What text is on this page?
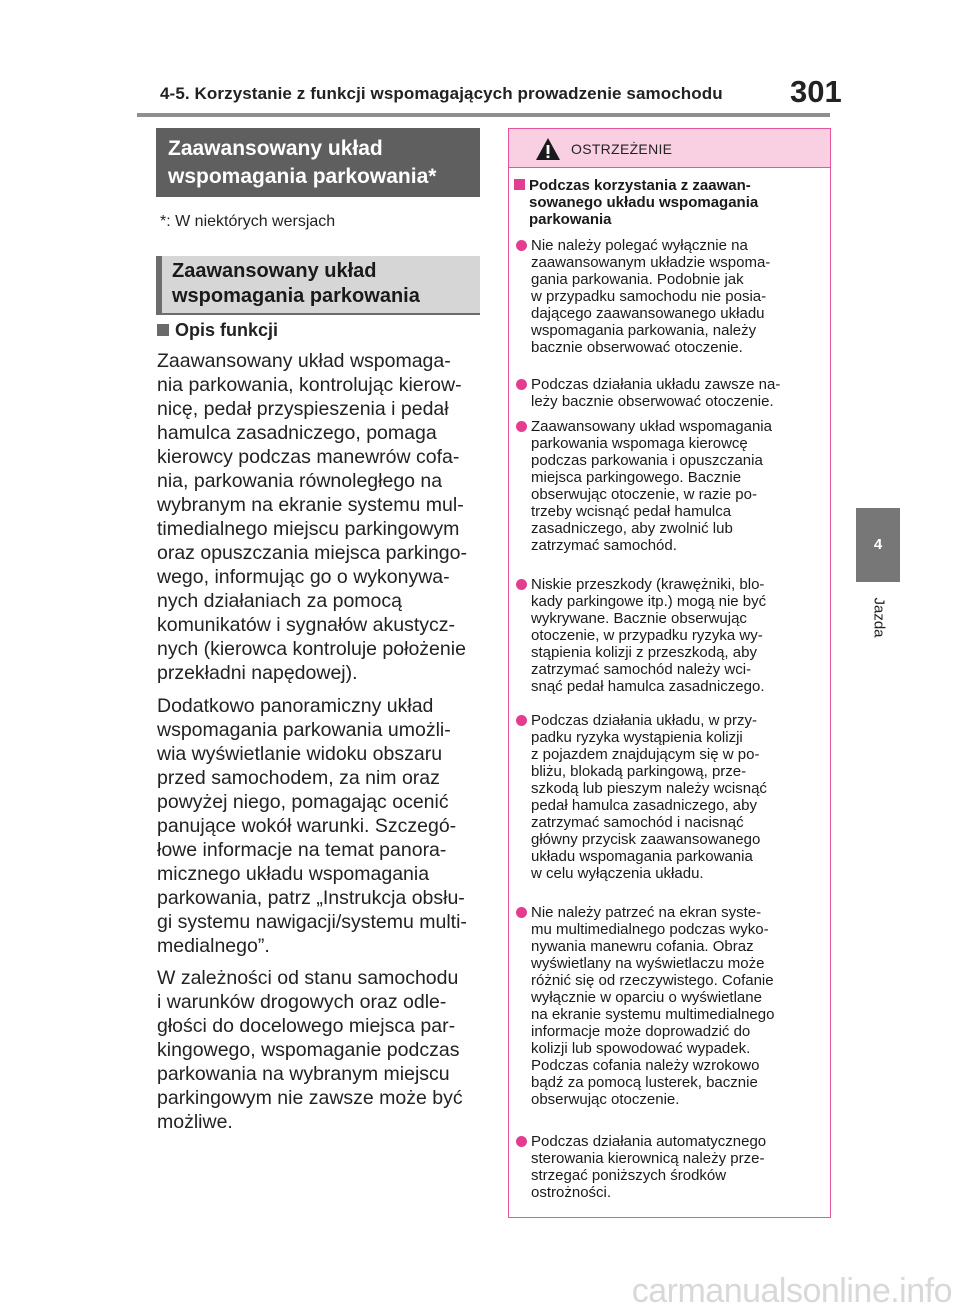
4-5. Korzystanie z funkcji wspomagających prowadzenie samochodu 301
4
Jazda
Zaawansowany układ
wspomagania parkowania*
*: W niektórych wersjach
Zaawansowany układ
wspomagania parkowania
Opis funkcji
Zaawansowany układ wspomaga-
nia parkowania, kontrolując kierow-
nicę, pedał przyspieszenia i pedał
hamulca zasadniczego, pomaga
kierowcy podczas manewrów cofa-
nia, parkowania równoległego na
wybranym na ekranie systemu mul-
timedialnego miejscu parkingowym
oraz opuszczania miejsca parkingo-
wego, informując go o wykonywa-
nych działaniach za pomocą
komunikatów i sygnałów akustycz-
nych (kierowca kontroluje położenie
przekładni napędowej).
Dodatkowo panoramiczny układ
wspomagania parkowania umożli-
wia wyświetlanie widoku obszaru
przed samochodem, za nim oraz
powyżej niego, pomagając ocenić
panujące wokół warunki. Szczegó-
łowe informacje na temat panora-
micznego układu wspomagania
parkowania, patrz „Instrukcja obsłu-
gi systemu nawigacji/systemu multi-
medialnego”.
W zależności od stanu samochodu
i warunków drogowych oraz odle-
głości do docelowego miejsca par-
kingowego, wspomaganie podczas
parkowania na wybranym miejscu
parkingowym nie zawsze może być
możliwe.
OSTRZEŻENIE
Podczas korzystania z zaawan-
sowanego układu wspomagania
parkowania
Nie należy polegać wyłącznie na
zaawansowanym układzie wspoma-
gania parkowania. Podobnie jak
w przypadku samochodu nie posia-
dającego zaawansowanego układu
wspomagania parkowania, należy
bacznie obserwować otoczenie.
Podczas działania układu zawsze na-
leży bacznie obserwować otoczenie.
Zaawansowany układ wspomagania
parkowania wspomaga kierowcę
podczas parkowania i opuszczania
miejsca parkingowego. Bacznie
obserwując otoczenie, w razie po-
trzeby wcisnąć pedał hamulca
zasadniczego, aby zwolnić lub
zatrzymać samochód.
Niskie przeszkody (krawężniki, blo-
kady parkingowe itp.) mogą nie być
wykrywane. Bacznie obserwując
otoczenie, w przypadku ryzyka wy-
stąpienia kolizji z przeszkodą, aby
zatrzymać samochód należy wci-
snąć pedał hamulca zasadniczego.
Podczas działania układu, w przy-
padku ryzyka wystąpienia kolizji
z pojazdem znajdującym się w po-
bliżu, blokadą parkingową, prze-
szkodą lub pieszym należy wcisnąć
pedał hamulca zasadniczego, aby
zatrzymać samochód i nacisnąć
główny przycisk zaawansowanego
układu wspomagania parkowania
w celu wyłączenia układu.
Nie należy patrzeć na ekran syste-
mu multimedialnego podczas wyko-
nywania manewru cofania. Obraz
wyświetlany na wyświetlaczu może
różnić się od rzeczywistego. Cofanie
wyłącznie w oparciu o wyświetlane
na ekranie systemu multimedialnego
informacje może doprowadzić do
kolizji lub spowodować wypadek.
Podczas cofania należy wzrokowo
bądź za pomocą lusterek, bacznie
obserwując otoczenie.
Podczas działania automatycznego
sterowania kierownicą należy prze-
strzegać poniższych środków
ostrożności.
carmanualsonline.info
